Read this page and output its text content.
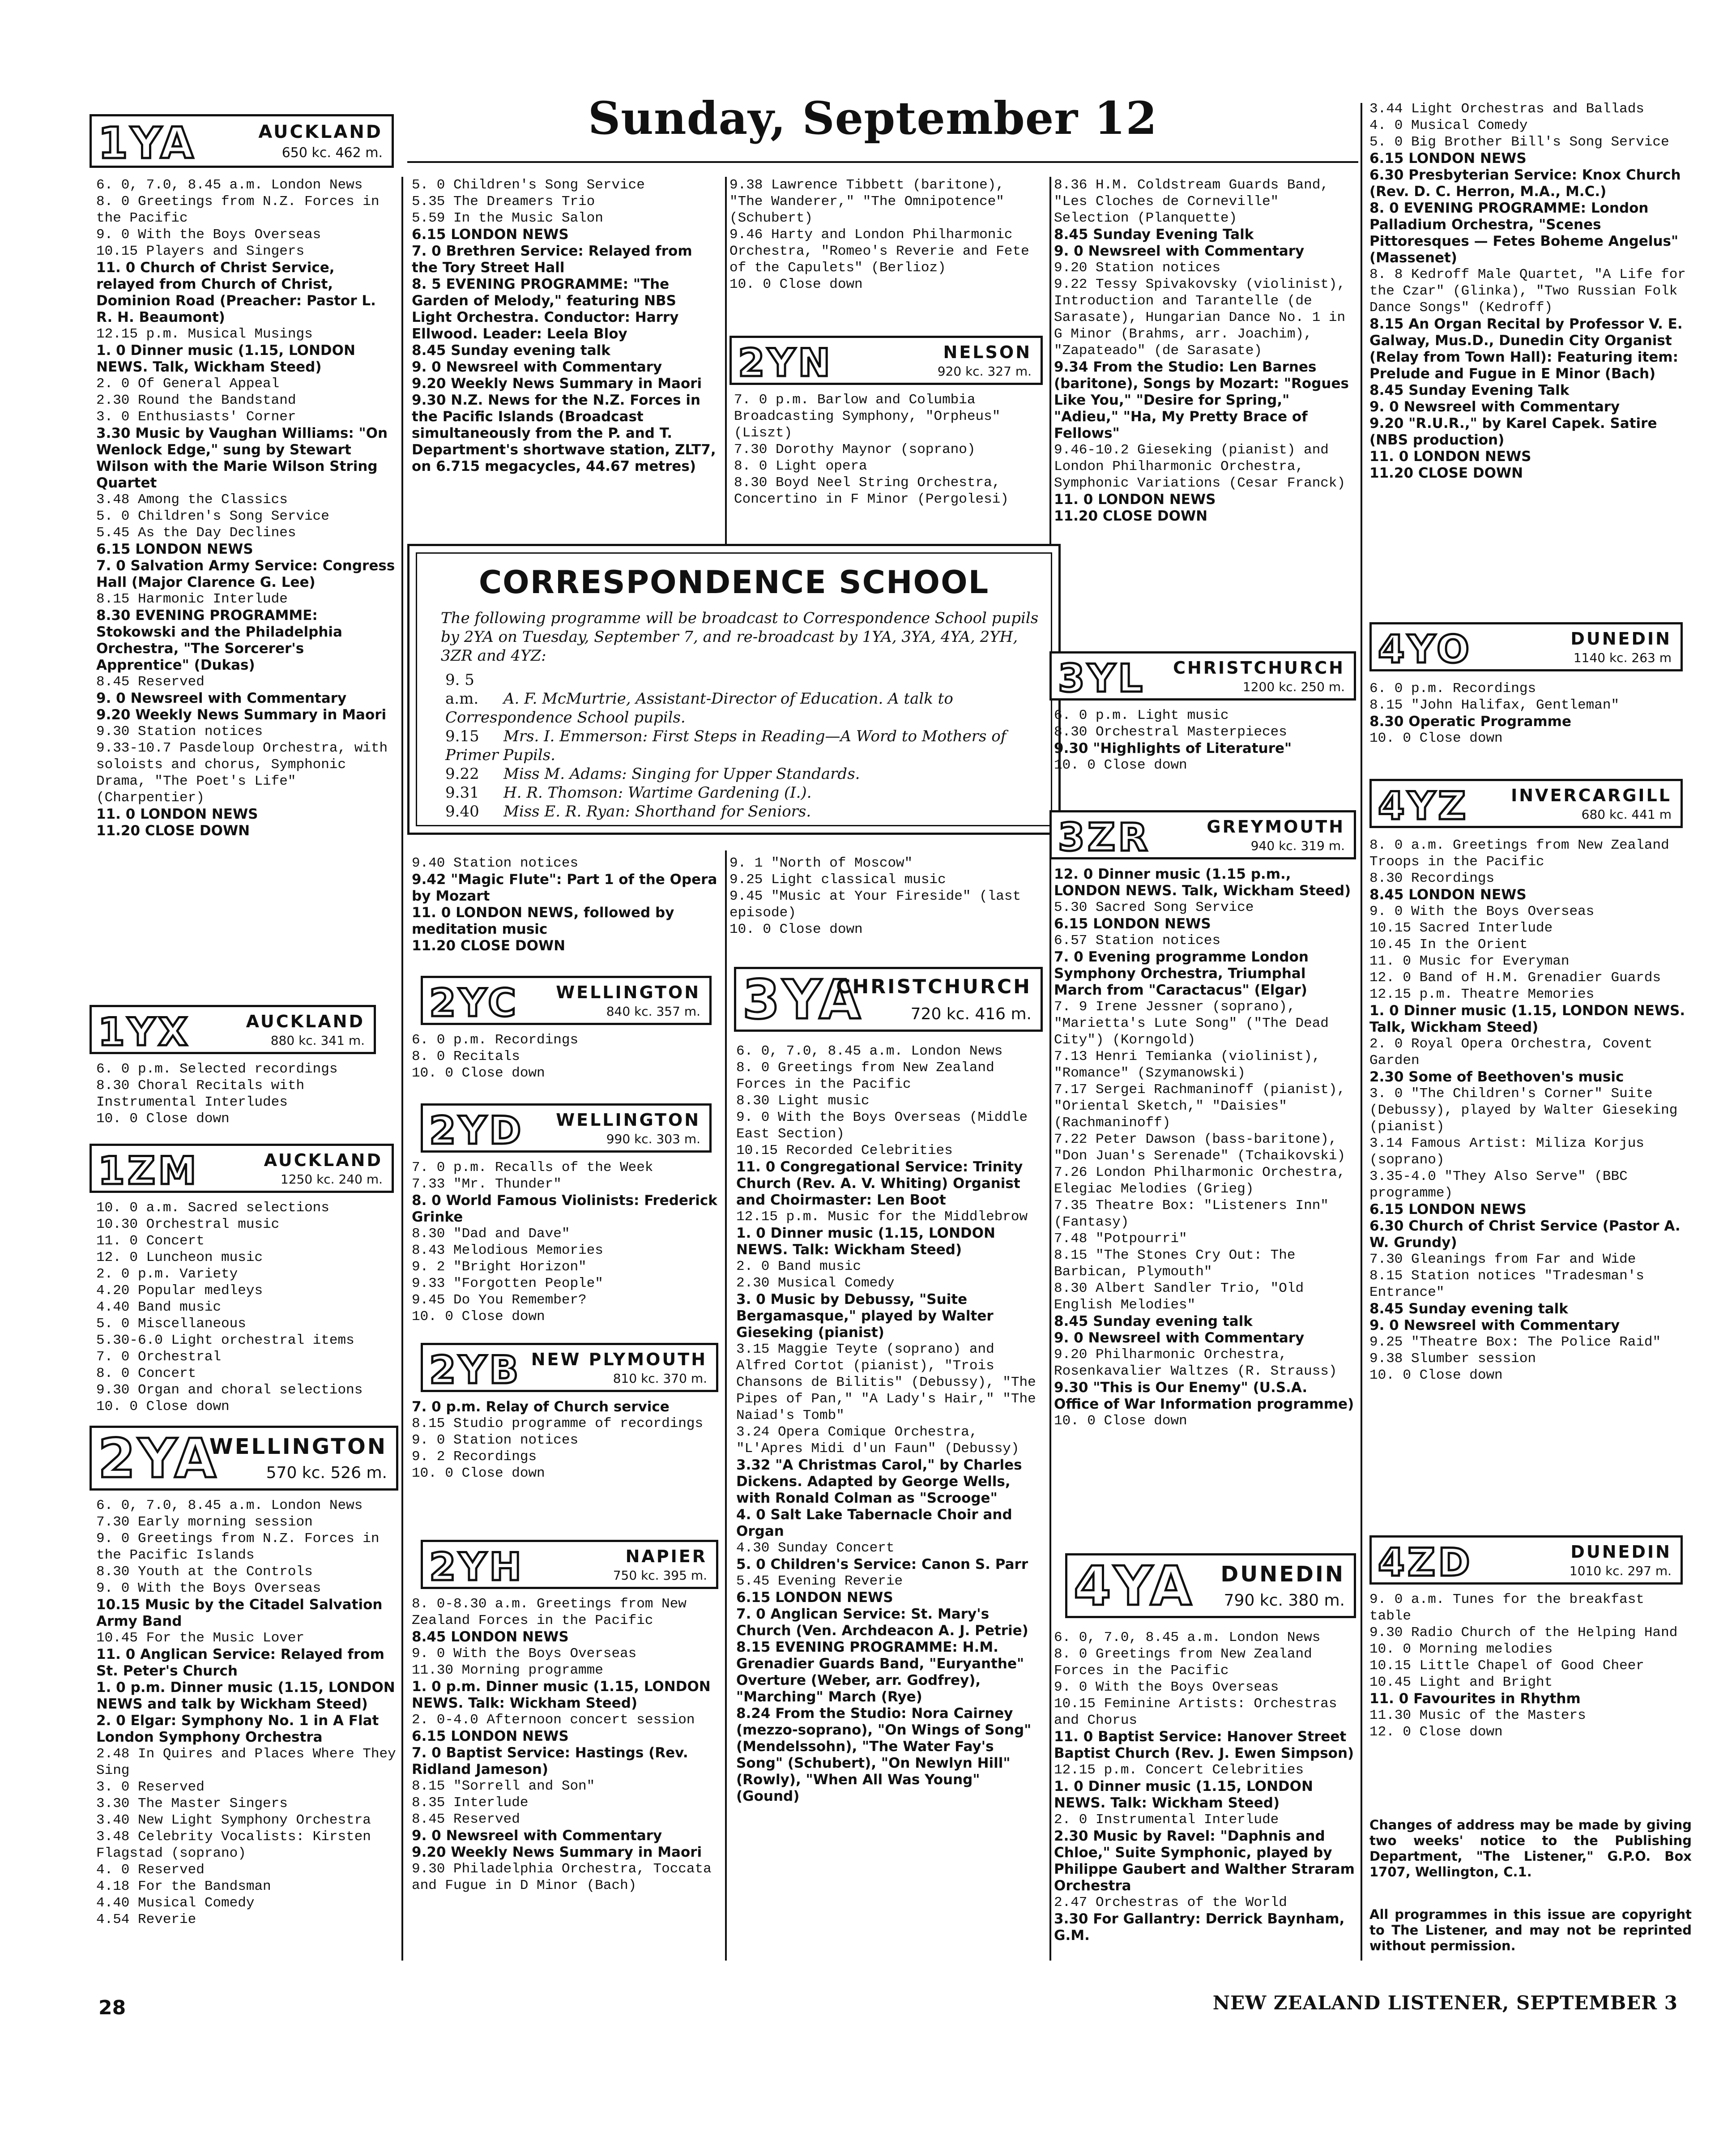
Sunday, September 12
1YA	AUCKLAND
650 kc. 462 m.
6. 0, 7.0, 8.45 a.m. London News
8. 0 Greetings from N.Z. Forces in the Pacific
9. 0 With the Boys Overseas
10.15 Players and Singers
11. 0 Church of Christ Service, relayed from Church of Christ, Dominion Road (Preacher: Pastor L. R. H. Beaumont)
12.15 p.m. Musical Musings
1. 0 Dinner music (1.15, LONDON NEWS. Talk, Wickham Steed)
2. 0 Of General Appeal
2.30 Round the Bandstand
3. 0 Enthusiasts' Corner
3.30 Music by Vaughan Williams: "On Wenlock Edge," sung by Stewart Wilson with the Marie Wilson String Quartet
3.48 Among the Classics
5. 0 Children's Song Service
5.45 As the Day Declines
6.15 LONDON NEWS
7. 0 Salvation Army Service: Congress Hall (Major Clarence G. Lee)
8.15 Harmonic Interlude
8.30 EVENING PROGRAMME: Stokowski and the Philadelphia Orchestra, "The Sorcerer's Apprentice" (Dukas)
8.45 Reserved
9. 0 Newsreel with Commentary
9.20 Weekly News Summary in Maori
9.30 Station notices
9.33-10.7 Pasdeloup Orchestra, with soloists and chorus, Symphonic Drama, "The Poet's Life" (Charpentier)
11. 0 LONDON NEWS
11.20 CLOSE DOWN
1YX	AUCKLAND
880 kc. 341 m.
6. 0 p.m. Selected recordings
8.30 Choral Recitals with Instrumental Interludes
10. 0 Close down
1ZM	AUCKLAND
1250 kc. 240 m.
10. 0 a.m. Sacred selections
10.30 Orchestral music
11. 0 Concert
12. 0 Luncheon music
2. 0 p.m. Variety
4.20 Popular medleys
4.40 Band music
5. 0 Miscellaneous
5.30-6.0 Light orchestral items
7. 0 Orchestral
8. 0 Concert
9.30 Organ and choral selections
10. 0 Close down
2YA
WELLINGTON
570 kc. 526 m.
6. 0, 7.0, 8.45 a.m. London News
7.30 Early morning session
9. 0 Greetings from N.Z. Forces in the Pacific Islands
8.30 Youth at the Controls
9. 0 With the Boys Overseas
10.15 Music by the Citadel Salvation Army Band
10.45 For the Music Lover
11. 0 Anglican Service: Relayed from St. Peter's Church
1. 0 p.m. Dinner music (1.15, LONDON NEWS and talk by Wickham Steed)
2. 0 Elgar: Symphony No. 1 in A Flat London Symphony Orchestra
2.48 In Quires and Places Where They Sing
3. 0 Reserved
3.30 The Master Singers
3.40 New Light Symphony Orchestra
3.48 Celebrity Vocalists: Kirsten Flagstad (soprano)
4. 0 Reserved
4.18 For the Bandsman
4.40 Musical Comedy
4.54 Reverie
5. 0 Children's Song Service
5.35 The Dreamers Trio
5.59 In the Music Salon
6.15 LONDON NEWS
7. 0 Brethren Service: Relayed from the Tory Street Hall
8. 5 EVENING PROGRAMME: "The Garden of Melody," featuring NBS Light Orchestra. Conductor: Harry Ellwood. Leader: Leela Bloy
8.45 Sunday evening talk
9. 0 Newsreel with Commentary
9.20 Weekly News Summary in Maori
9.30 N.Z. News for the N.Z. Forces in the Pacific Islands (Broadcast simultaneously from the P. and T. Department's shortwave station, ZLT7, on 6.715 megacycles, 44.67 metres)
9.38 Lawrence Tibbett (baritone), "The Wanderer," "The Omnipotence" (Schubert)
9.46 Harty and London Philharmonic Orchestra, "Romeo's Reverie and Fete of the Capulets" (Berlioz)
10. 0 Close down
2YN	NELSON
920 kc. 327 m.
7. 0 p.m. Barlow and Columbia Broadcasting Symphony, "Orpheus" (Liszt)
7.30 Dorothy Maynor (soprano)
8. 0 Light opera
8.30 Boyd Neel String Orchestra, Concertino in F Minor (Pergolesi)
CORRESPONDENCE SCHOOL
The following programme will be broadcast to Correspondence School pupils by 2YA on Tuesday, September 7, and re-broadcast by 1YA, 3YA, 4YA, 2YH, 3ZR and 4YZ:
9. 5 a.m. A. F. McMurtrie, Assistant-Director of Education. A talk to Correspondence School pupils.
9.15 Mrs. I. Emmerson: First Steps in Reading—A Word to Mothers of Primer Pupils.
9.22 Miss M. Adams: Singing for Upper Standards.
9.31 H. R. Thomson: Wartime Gardening (I.).
9.40 Miss E. R. Ryan: Shorthand for Seniors.
9.40 Station notices
9.42 "Magic Flute": Part 1 of the Opera by Mozart
11. 0 LONDON NEWS, followed by meditation music
11.20 CLOSE DOWN
9. 1 "North of Moscow"
9.25 Light classical music
9.45 "Music at Your Fireside" (last episode)
10. 0 Close down
2YC WELLINGTON
840 kc. 357 m.
6. 0 p.m. Recordings
8. 0 Recitals
10. 0 Close down
2YD WELLINGTON
990 kc. 303 m.
7. 0 p.m. Recalls of the Week
7.33 "Mr. Thunder"
8. 0 World Famous Violinists: Frederick Grinke
8.30 "Dad and Dave"
8.43 Melodious Memories
9. 2 "Bright Horizon"
9.33 "Forgotten People"
9.45 Do You Remember?
10. 0 Close down
2YB NEW PLYMOUTH
810 kc. 370 m.
7. 0 p.m. Relay of Church service
8.15 Studio programme of recordings
9. 0 Station notices
9. 2 Recordings
10. 0 Close down
2YH	NAPIER
750 kc. 395 m.
8. 0-8.30 a.m. Greetings from New Zealand Forces in the Pacific
8.45 LONDON NEWS
9. 0 With the Boys Overseas
11.30 Morning programme
1. 0 p.m. Dinner music (1.15, LONDON NEWS. Talk: Wickham Steed)
2. 0-4.0 Afternoon concert session
6.15 LONDON NEWS
7. 0 Baptist Service: Hastings (Rev. Ridland Jameson)
8.15 "Sorrell and Son"
8.35 Interlude
8.45 Reserved
9. 0 Newsreel with Commentary
9.20 Weekly News Summary in Maori
9.30 Philadelphia Orchestra, Toccata and Fugue in D Minor (Bach)
3YA
CHRISTCHURCH
720 kc. 416 m.
6. 0, 7.0, 8.45 a.m. London News
8. 0 Greetings from New Zealand Forces in the Pacific
8.30 Light music
9. 0 With the Boys Overseas (Middle East Section)
10.15 Recorded Celebrities
11. 0 Congregational Service: Trinity Church (Rev. A. V. Whiting) Organist and Choirmaster: Len Boot
12.15 p.m. Music for the Middlebrow
1. 0 Dinner music (1.15, LONDON NEWS. Talk: Wickham Steed)
2. 0 Band music
2.30 Musical Comedy
3. 0 Music by Debussy, "Suite Bergamasque," played by Walter Gieseking (pianist)
3.15 Maggie Teyte (soprano) and Alfred Cortot (pianist), "Trois Chansons de Bilitis" (Debussy), "The Pipes of Pan," "A Lady's Hair," "The Naiad's Tomb"
3.24 Opera Comique Orchestra, "L'Apres Midi d'un Faun" (Debussy)
3.32 "A Christmas Carol," by Charles Dickens. Adapted by George Wells, with Ronald Colman as "Scrooge"
4. 0 Salt Lake Tabernacle Choir and Organ
4.30 Sunday Concert
5. 0 Children's Service: Canon S. Parr
5.45 Evening Reverie
6.15 LONDON NEWS
7. 0 Anglican Service: St. Mary's Church (Ven. Archdeacon A. J. Petrie)
8.15 EVENING PROGRAMME: H.M. Grenadier Guards Band, "Euryanthe" Overture (Weber, arr. Godfrey), "Marching" March (Rye)
8.24 From the Studio: Nora Cairney (mezzo-soprano), "On Wings of Song" (Mendelssohn), "The Water Fay's Song" (Schubert), "On Newlyn Hill" (Rowly), "When All Was Young" (Gound)
8.36 H.M. Coldstream Guards Band, "Les Cloches de Corneville" Selection (Planquette)
8.45 Sunday Evening Talk
9. 0 Newsreel with Commentary
9.20 Station notices
9.22 Tessy Spivakovsky (violinist), Introduction and Tarantelle (de Sarasate), Hungarian Dance No. 1 in G Minor (Brahms, arr. Joachim), "Zapateado" (de Sarasate)
9.34 From the Studio: Len Barnes (baritone), Songs by Mozart: "Rogues Like You," "Desire for Spring," "Adieu," "Ha, My Pretty Brace of Fellows"
9.46-10.2 Gieseking (pianist) and London Philharmonic Orchestra, Symphonic Variations (Cesar Franck)
11. 0 LONDON NEWS
11.20 CLOSE DOWN
3YL CHRISTCHURCH
1200 kc. 250 m.
6. 0 p.m. Light music
8.30 Orchestral Masterpieces
9.30 "Highlights of Literature"
10. 0 Close down
3ZR	GREYMOUTH
940 kc. 319 m.
12. 0 Dinner music (1.15 p.m., LONDON NEWS. Talk, Wickham Steed)
5.30 Sacred Song Service
6.15 LONDON NEWS
6.57 Station notices
7. 0 Evening programme London Symphony Orchestra, Triumphal March from "Caractacus" (Elgar)
7. 9 Irene Jessner (soprano), "Marietta's Lute Song" ("The Dead City") (Korngold)
7.13 Henri Temianka (violinist), "Romance" (Szymanowski)
7.17 Sergei Rachmaninoff (pianist), "Oriental Sketch," "Daisies" (Rachmaninoff)
7.22 Peter Dawson (bass-baritone), "Don Juan's Serenade" (Tchaikovski)
7.26 London Philharmonic Orchestra, Elegiac Melodies (Grieg)
7.35 Theatre Box: "Listeners Inn" (Fantasy)
7.48 "Potpourri"
8.15 "The Stones Cry Out: The Barbican, Plymouth"
8.30 Albert Sandler Trio, "Old English Melodies"
8.45 Sunday evening talk
9. 0 Newsreel with Commentary
9.20 Philharmonic Orchestra, Rosenkavalier Waltzes (R. Strauss)
9.30 "This is Our Enemy" (U.S.A. Office of War Information programme)
10. 0 Close down
4YA DUNEDIN
790 kc. 380 m.
6. 0, 7.0, 8.45 a.m. London News
8. 0 Greetings from New Zealand Forces in the Pacific
9. 0 With the Boys Overseas
10.15 Feminine Artists: Orchestras and Chorus
11. 0 Baptist Service: Hanover Street Baptist Church (Rev. J. Ewen Simpson)
12.15 p.m. Concert Celebrities
1. 0 Dinner music (1.15, LONDON NEWS. Talk: Wickham Steed)
2. 0 Instrumental Interlude
2.30 Music by Ravel: "Daphnis and Chloe," Suite Symphonic, played by Philippe Gaubert and Walther Straram Orchestra
2.47 Orchestras of the World
3.30 For Gallantry: Derrick Baynham, G.M.
3.44 Light Orchestras and Ballads
4. 0 Musical Comedy
5. 0 Big Brother Bill's Song Service
6.15 LONDON NEWS
6.30 Presbyterian Service: Knox Church (Rev. D. C. Herron, M.A., M.C.)
8. 0 EVENING PROGRAMME: London Palladium Orchestra, "Scenes Pittoresques — Fetes Boheme Angelus" (Massenet)
8. 8 Kedroff Male Quartet, "A Life for the Czar" (Glinka), "Two Russian Folk Dance Songs" (Kedroff)
8.15 An Organ Recital by Professor V. E. Galway, Mus.D., Dunedin City Organist (Relay from Town Hall): Featuring item: Prelude and Fugue in E Minor (Bach)
8.45 Sunday Evening Talk
9. 0 Newsreel with Commentary
9.20 "R.U.R.," by Karel Capek. Satire (NBS production)
11. 0 LONDON NEWS
11.20 CLOSE DOWN
4YO	DUNEDIN
1140 kc. 263 m
6. 0 p.m. Recordings
8.15 "John Halifax, Gentleman"
8.30 Operatic Programme
10. 0 Close down
4YZ INVERCARGILL
680 kc. 441 m
8. 0 a.m. Greetings from New Zealand Troops in the Pacific
8.30 Recordings
8.45 LONDON NEWS
9. 0 With the Boys Overseas
10.15 Sacred Interlude
10.45 In the Orient
11. 0 Music for Everyman
12. 0 Band of H.M. Grenadier Guards
12.15 p.m. Theatre Memories
1. 0 Dinner music (1.15, LONDON NEWS. Talk, Wickham Steed)
2. 0 Royal Opera Orchestra, Covent Garden
2.30 Some of Beethoven's music
3. 0 "The Children's Corner" Suite (Debussy), played by Walter Gieseking (pianist)
3.14 Famous Artist: Miliza Korjus (soprano)
3.35-4.0 "They Also Serve" (BBC programme)
6.15 LONDON NEWS
6.30 Church of Christ Service (Pastor A. W. Grundy)
7.30 Gleanings from Far and Wide
8.15 Station notices "Tradesman's Entrance"
8.45 Sunday evening talk
9. 0 Newsreel with Commentary
9.25 "Theatre Box: The Police Raid"
9.38 Slumber session
10. 0 Close down
4ZD	DUNEDIN
1010 kc. 297 m.
9. 0 a.m. Tunes for the breakfast table
9.30 Radio Church of the Helping Hand
10. 0 Morning melodies
10.15 Little Chapel of Good Cheer
10.45 Light and Bright
11. 0 Favourites in Rhythm
11.30 Music of the Masters
12. 0 Close down
Changes of address may be made by giving two weeks' notice to the Publishing Department, "The Listener," G.P.O. Box 1707, Wellington, C.1.
All programmes in this issue are copyright to The Listener, and may not be reprinted without permission.
28	NEW ZEALAND LISTENER, SEPTEMBER 3
